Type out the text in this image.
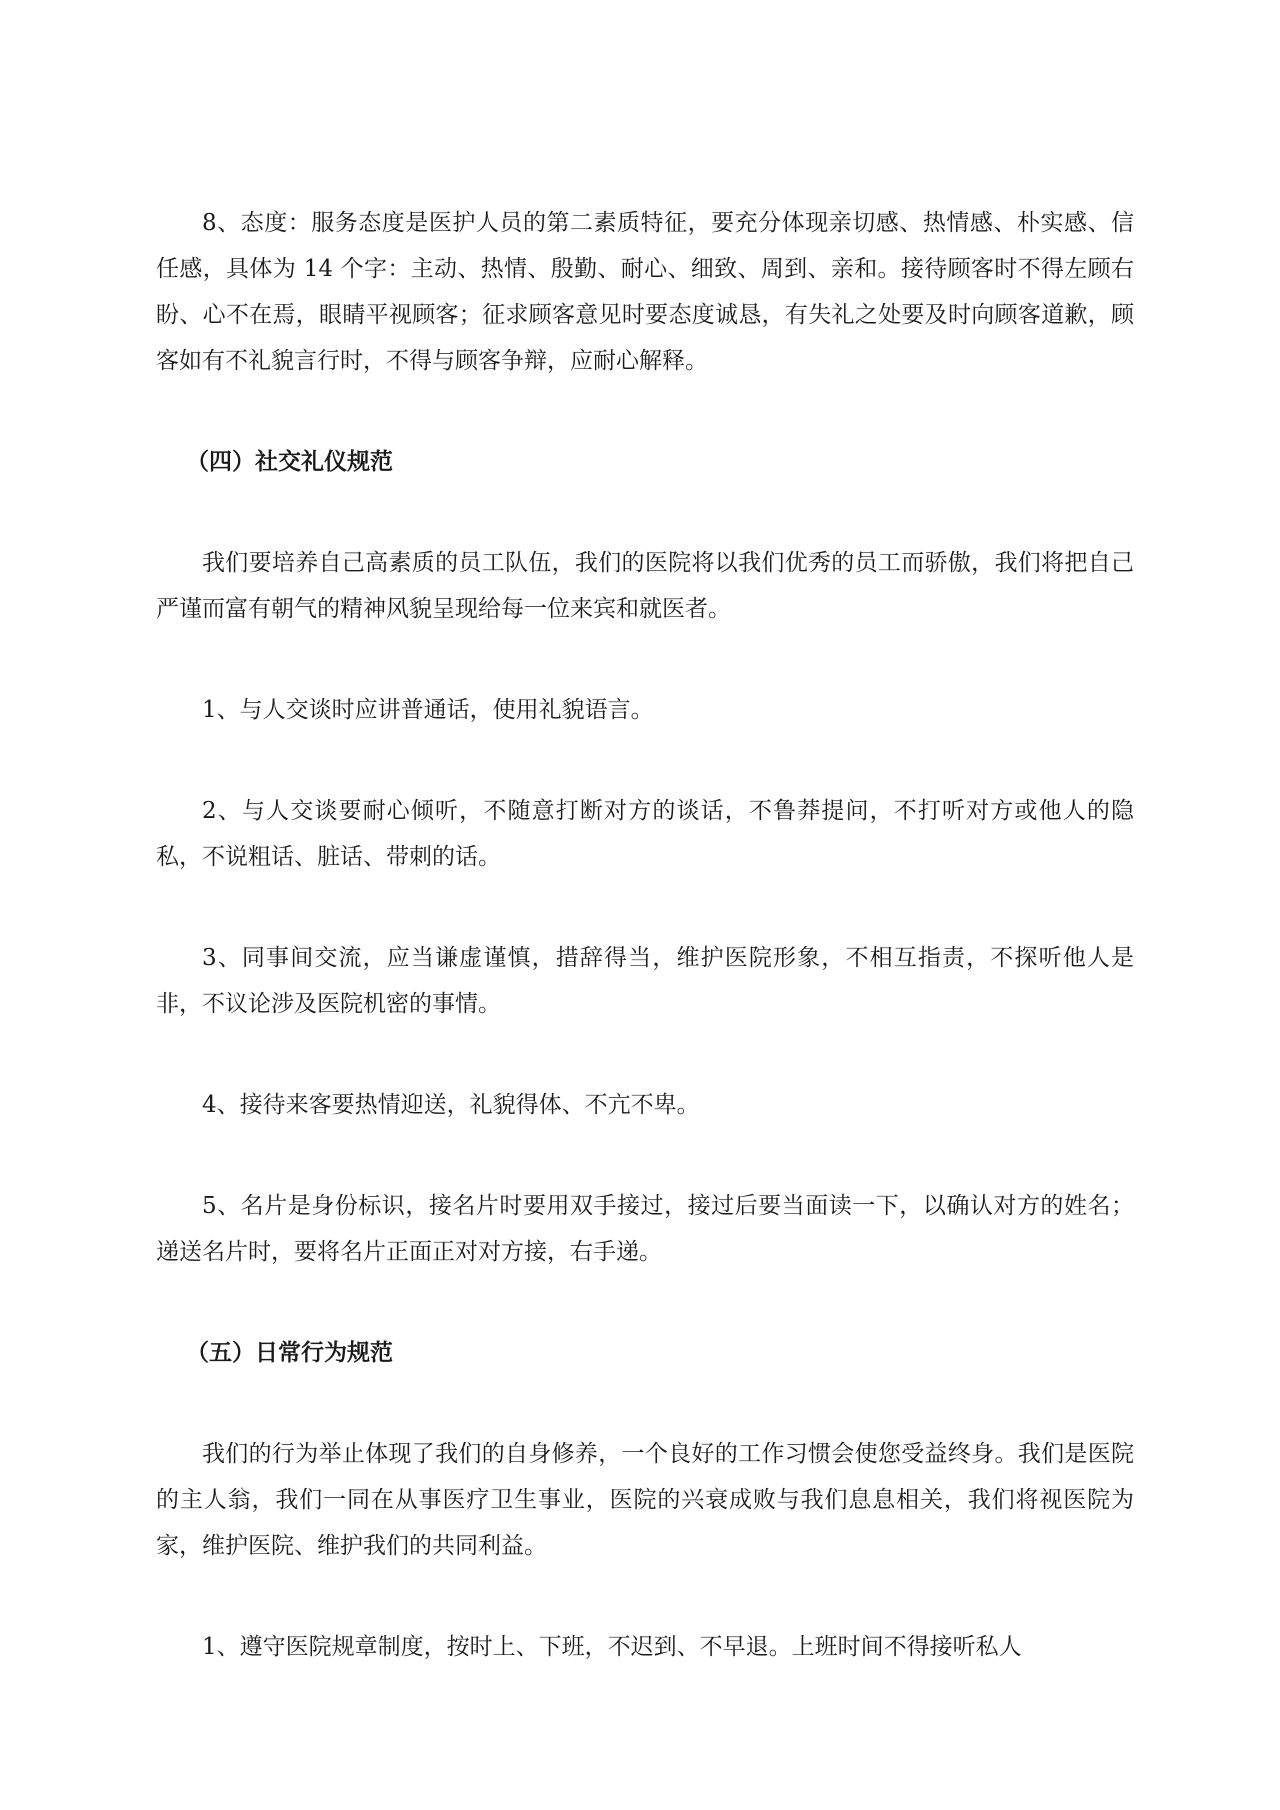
8、态度：服务态度是医护人员的第二素质特征，要充分体现亲切感、热情感、朴实感、信任感，具体为 14 个字：主动、热情、殷勤、耐心、细致、周到、亲和。接待顾客时不得左顾右盼、心不在焉，眼睛平视顾客；征求顾客意见时要态度诚恳，有失礼之处要及时向顾客道歉，顾客如有不礼貌言行时，不得与顾客争辩，应耐心解释。

（四）社交礼仪规范

我们要培养自己高素质的员工队伍，我们的医院将以我们优秀的员工而骄傲，我们将把自己严谨而富有朝气的精神风貌呈现给每一位来宾和就医者。

1、与人交谈时应讲普通话，使用礼貌语言。

2、与人交谈要耐心倾听，不随意打断对方的谈话，不鲁莽提问，不打听对方或他人的隐私，不说粗话、脏话、带刺的话。

3、同事间交流，应当谦虚谨慎，措辞得当，维护医院形象，不相互指责，不探听他人是非，不议论涉及医院机密的事情。

4、接待来客要热情迎送，礼貌得体、不亢不卑。

5、名片是身份标识，接名片时要用双手接过，接过后要当面读一下，以确认对方的姓名；递送名片时，要将名片正面正对对方接，右手递。

（五）日常行为规范

我们的行为举止体现了我们的自身修养，一个良好的工作习惯会使您受益终身。我们是医院的主人翁，我们一同在从事医疗卫生事业，医院的兴衰成败与我们息息相关，我们将视医院为家，维护医院、维护我们的共同利益。

1、遵守医院规章制度，按时上、下班，不迟到、不早退。上班时间不得接听私人
